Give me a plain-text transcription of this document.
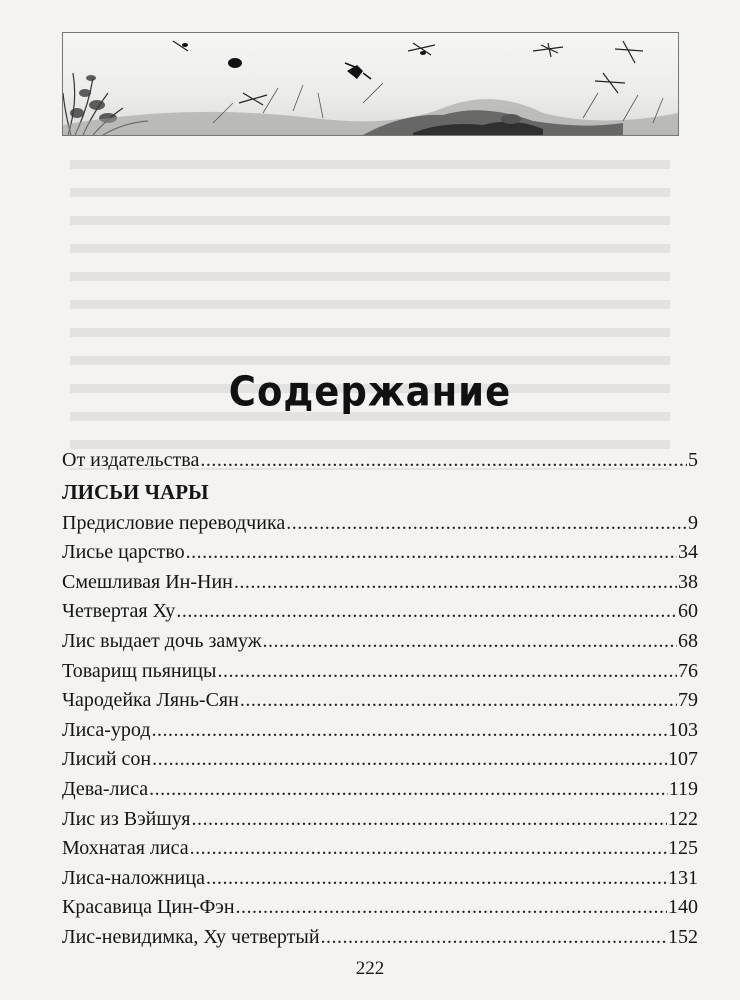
Содержание
От издательства .....	5
ЛИСЬИ ЧАРЫ
Предисловие переводчика .....	9
Лисье царство .....	34
Смешливая Ин-Нин .....	38
Четвертая Ху .....	60
Лис выдает дочь замуж .....	68
Товарищ пьяницы .....	76
Чародейка Лянь-Сян .....	79
Лиса-урод .....	103
Лисий сон .....	107
Дева-лиса .....	119
Лис из Вэйшуя .....	122
Мохнатая лиса .....	125
Лиса-наложница .....	131
Красавица Цин-Фэн .....	140
Лис-невидимка, Ху четвертый .....	152
222
